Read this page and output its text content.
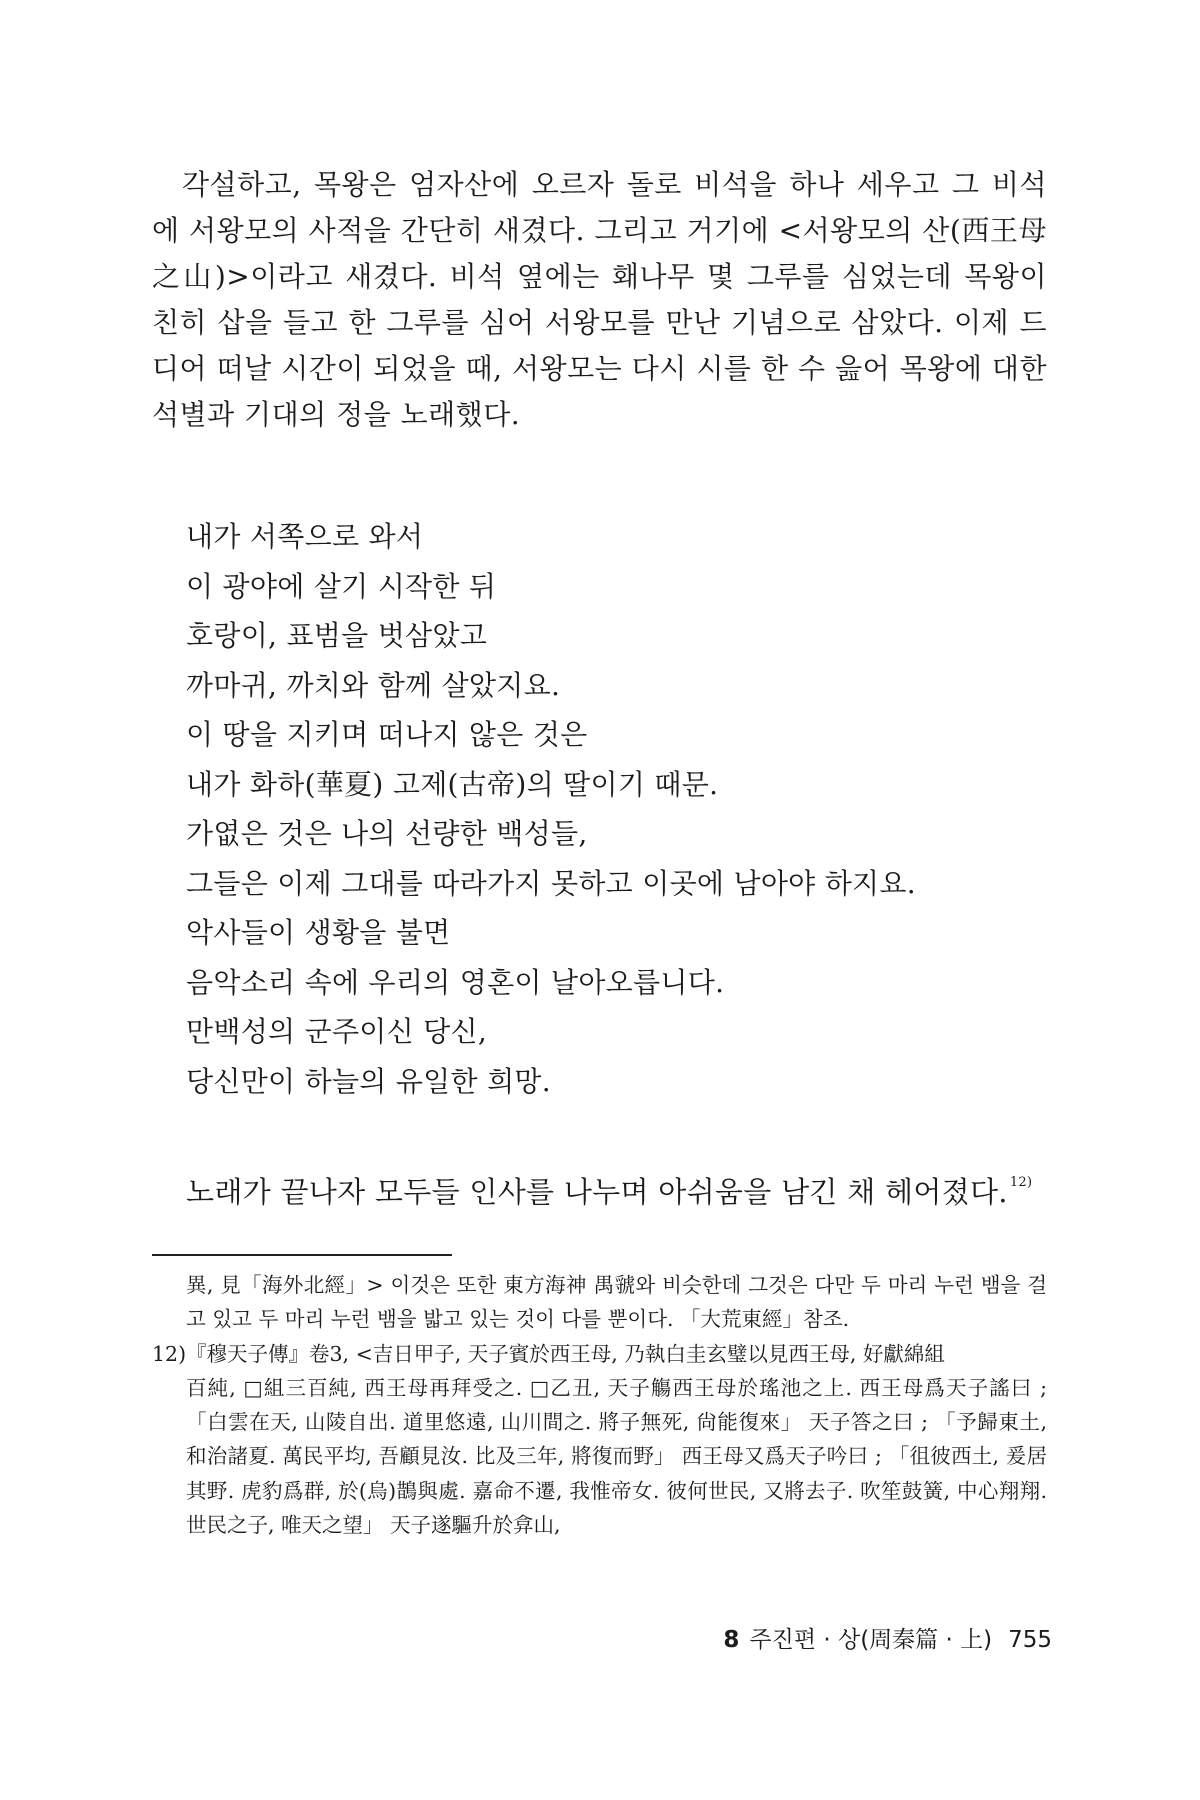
각설하고, 목왕은 엄자산에 오르자 돌로 비석을 하나 세우고 그 비석에 서왕모의 사적을 간단히 새겼다. 그리고 거기에 <서왕모의 산(西王母之山)>이라고 새겼다. 비석 옆에는 홰나무 몇 그루를 심었는데 목왕이 친히 삽을 들고 한 그루를 심어 서왕모를 만난 기념으로 삼았다. 이제 드디어 떠날 시간이 되었을 때, 서왕모는 다시 시를 한 수 읊어 목왕에 대한 석별과 기대의 정을 노래했다.

내가 서쪽으로 와서
이 광야에 살기 시작한 뒤
호랑이, 표범을 벗삼았고
까마귀, 까치와 함께 살았지요.
이 땅을 지키며 떠나지 않은 것은
내가 화하(華夏) 고제(古帝)의 딸이기 때문.
가엾은 것은 나의 선량한 백성들,
그들은 이제 그대를 따라가지 못하고 이곳에 남아야 하지요.
악사들이 생황을 불면
음악소리 속에 우리의 영혼이 날아오릅니다.
만백성의 군주이신 당신,
당신만이 하늘의 유일한 희망.

노래가 끝나자 모두들 인사를 나누며 아쉬움을 남긴 채 헤어졌다. $^{12)}$

異, 見「海外北經」> 이것은 또한 東方海神 禺虢와 비슷한데 그것은 다만 두 마리 누런 뱀을 걸고 있고 두 마리 누런 뱀을 밟고 있는 것이 다를 뿐이다. 「大荒東經」참조.

12)『穆天子傳』卷3, <吉日甲子, 天子賓於西王母, 乃執白圭玄璧以見西王母, 好獻綿組

百純, □組三百純, 西王母再拜受之. □乙丑, 天子觴西王母於瑤池之上. 西王母爲天子謠曰 ; 「白雲在天, 山陵自出. 道里悠遠, 山川間之. 將子無死, 尙能復來」 天子答之曰 ; 「予歸東土, 和治諸夏. 萬民平均, 吾顧見汝. 比及三年, 將復而野」 西王母又爲天子吟曰 ; 「徂彼西土, 爰居其野. 虎豹爲群, 於(烏)鵲與處. 嘉命不遷, 我惟帝女. 彼何世民, 又將去子. 吹笙鼓簧, 中心翔翔. 世民之子, 唯天之望」 天子遂驅升於弇山,

8 주진편 · 상(周秦篇 · 上) 755
